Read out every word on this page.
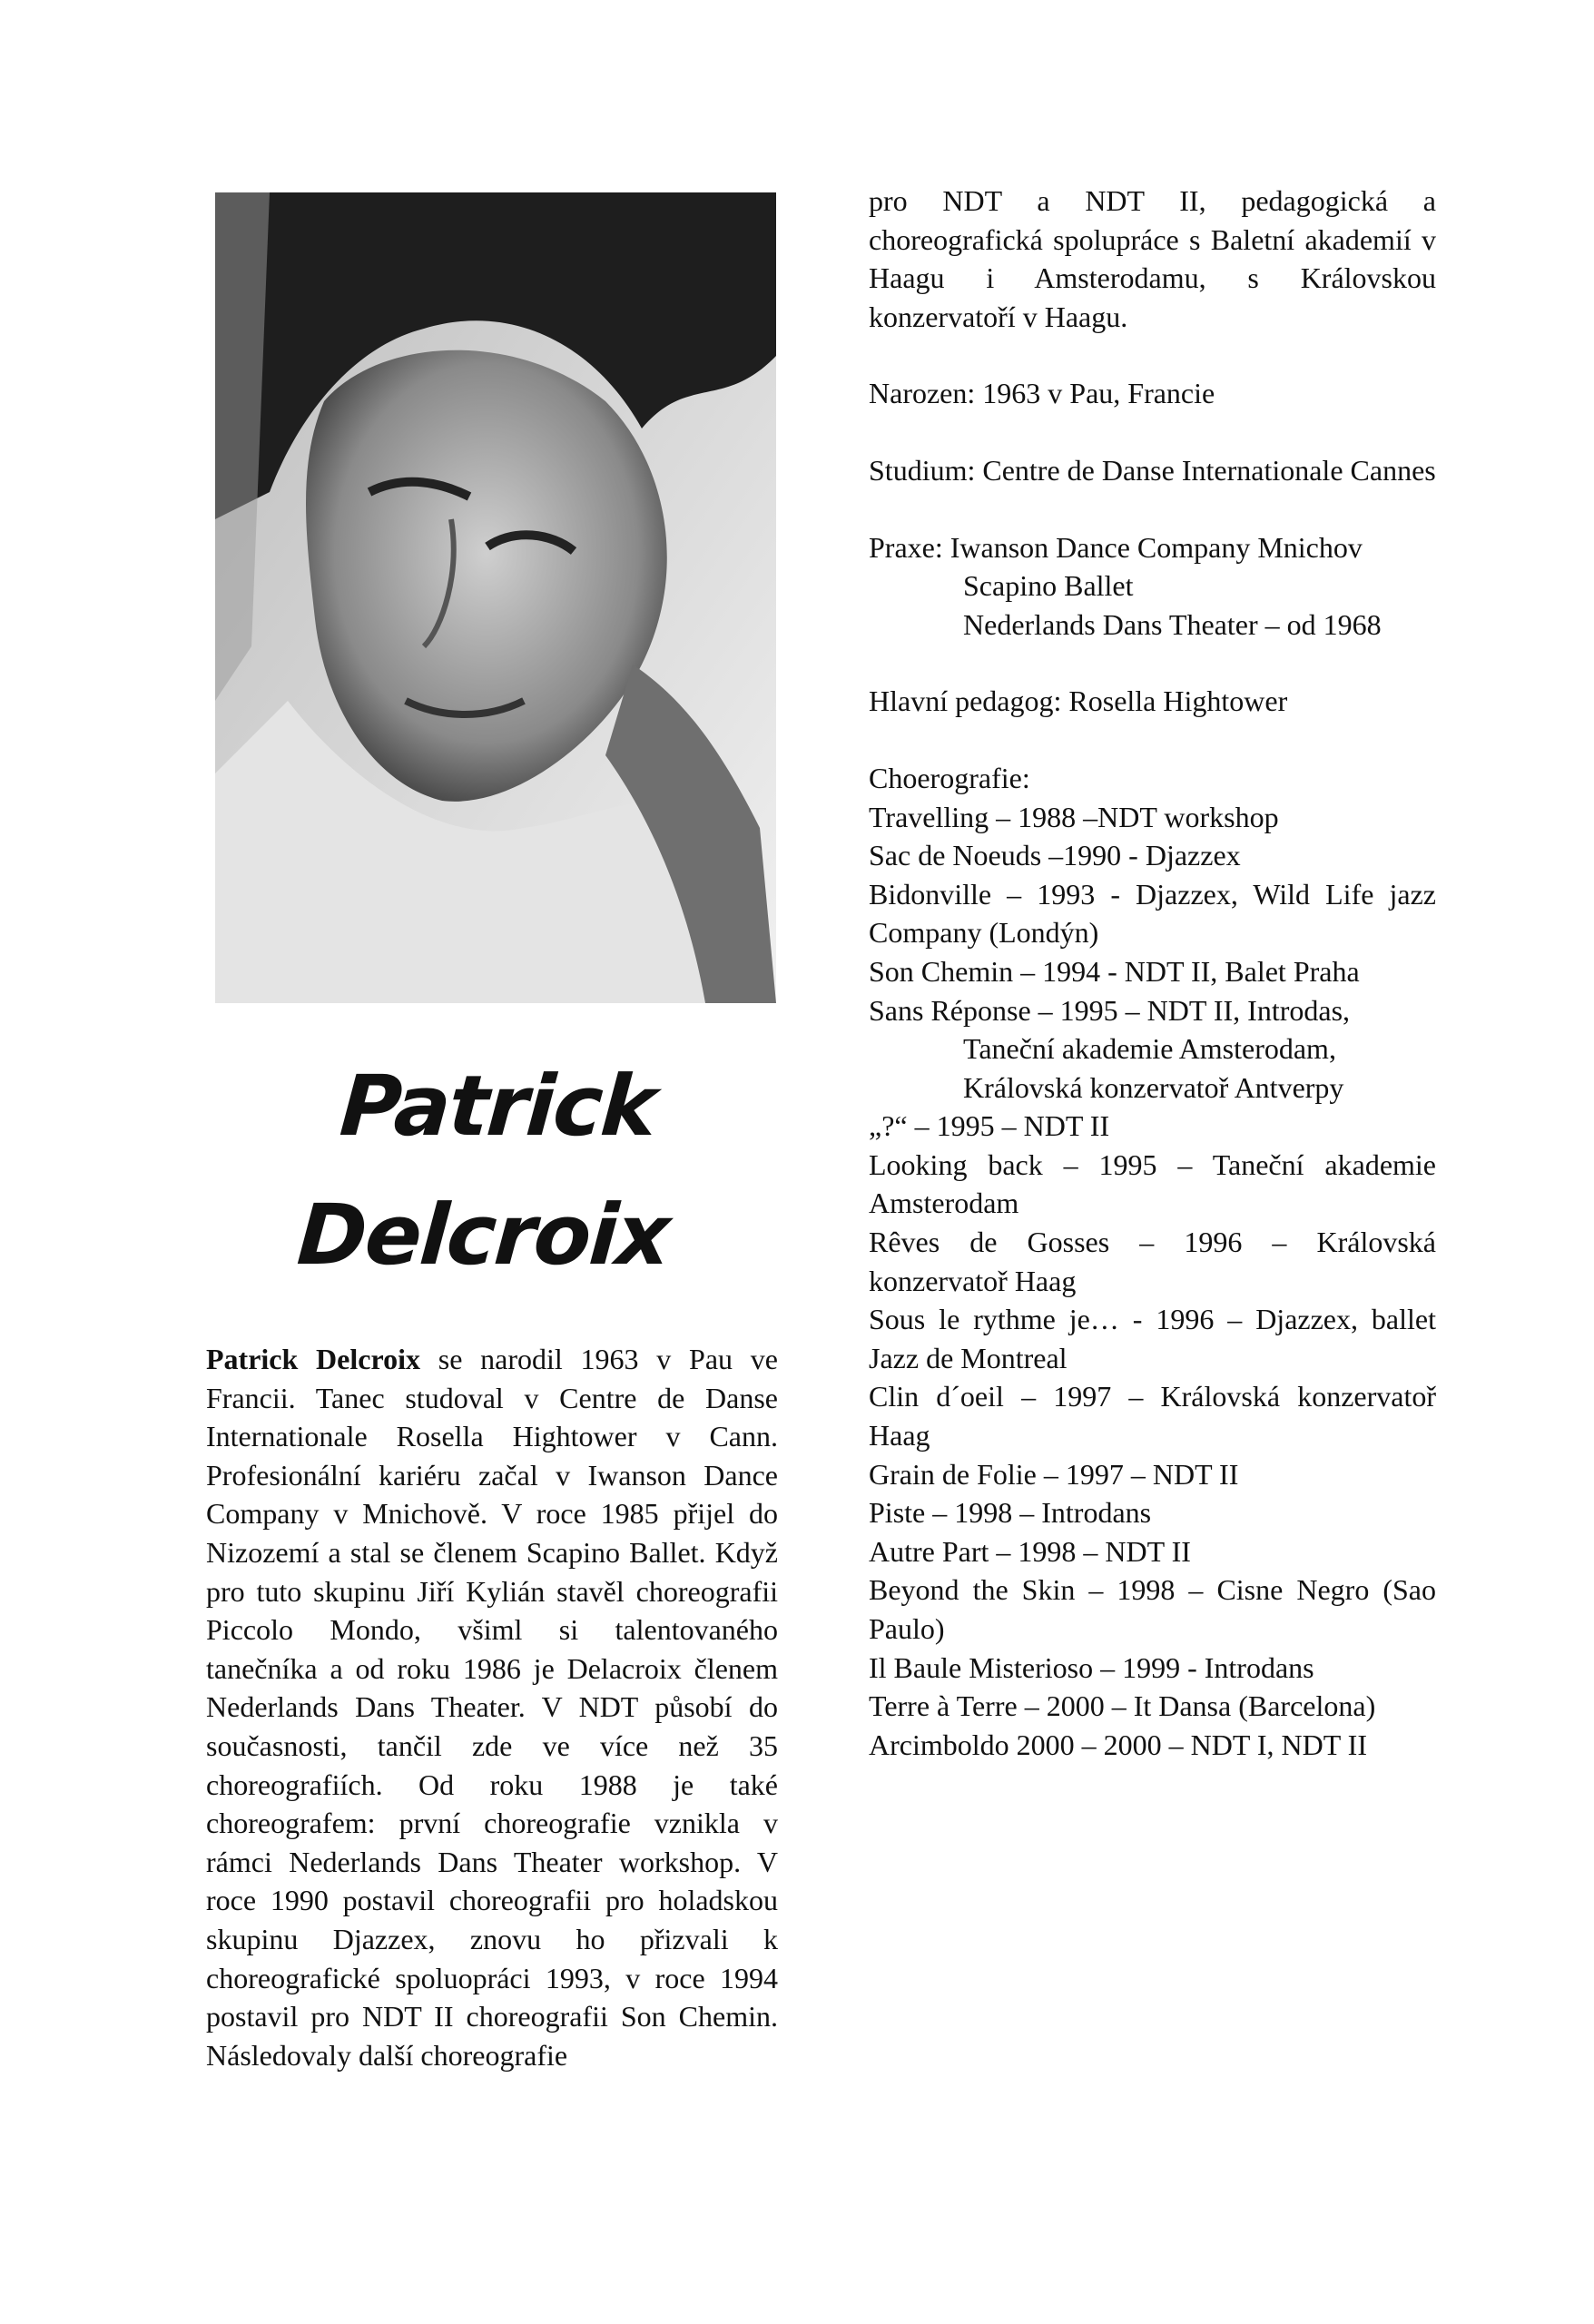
Patrick
Delcroix
Patrick Delcroix se narodil 1963 v Pau ve Francii. Tanec studoval v Centre de Danse Internationale Rosella Hightower v Cann. Profesionální kariéru začal v Iwanson Dance Company v Mnichově. V roce 1985 přijel do Nizozemí a stal se členem Scapino Ballet. Když pro tuto skupinu Jiří Kylián stavěl choreografii Piccolo Mondo, všiml si talentovaného tanečníka a od roku 1986 je Delacroix členem Nederlands Dans Theater. V NDT působí do současnosti, tančil zde ve více než 35 choreografiích. Od roku 1988 je také choreografem: první choreografie vznikla v rámci Nederlands Dans Theater workshop. V roce 1990 postavil choreografii pro holadskou skupinu Djazzex, znovu ho přizvali k choreografické spoluopráci 1993, v roce 1994 postavil pro NDT II choreografii Son Chemin. Následovaly další choreografie

pro NDT a NDT II, pedagogická a choreografická spolupráce s Baletní akademií v Haagu i Amsterodamu, s Královskou konzervatoří v Haagu.

Narozen: 1963 v Pau, Francie

Studium: Centre de Danse Internationale Cannes

Praxe: Iwanson Dance Company Mnichov

Scapino Ballet

Nederlands Dans Theater – od 1968

Hlavní pedagog: Rosella Hightower

Choerografie:

Travelling – 1988 –NDT workshop

Sac de Noeuds –1990 - Djazzex

Bidonville – 1993 - Djazzex, Wild Life jazz Company (Londýn)

Son Chemin – 1994 - NDT II, Balet Praha

Sans Réponse – 1995 – NDT II, Introdas,

Taneční akademie Amsterodam,

Královská konzervatoř Antverpy

„?“ – 1995 – NDT II

Looking back – 1995 – Taneční akademie Amsterodam

Rêves de Gosses – 1996 – Královská konzervatoř Haag

Sous le rythme je… - 1996 – Djazzex, ballet Jazz de Montreal

Clin d´oeil – 1997 – Královská konzervatoř Haag

Grain de Folie – 1997 – NDT II

Piste – 1998 – Introdans

Autre Part – 1998 – NDT II

Beyond the Skin – 1998 – Cisne Negro (Sao Paulo)

Il Baule Misterioso – 1999 - Introdans

Terre à Terre – 2000 – It Dansa (Barcelona)

Arcimboldo 2000 – 2000 – NDT I, NDT II
